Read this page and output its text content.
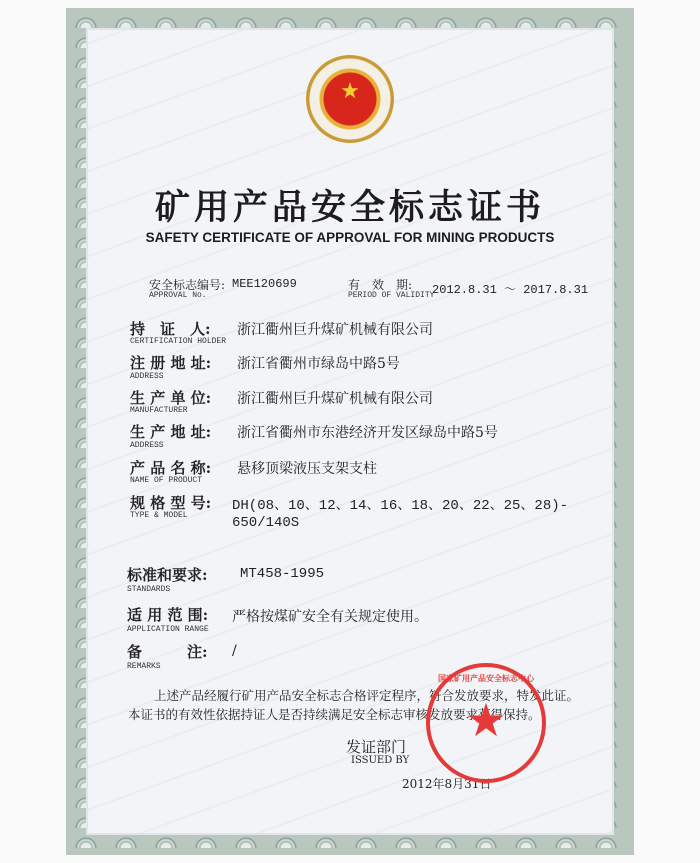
★
矿用产品安全标志证书
SAFETY CERTIFICATE OF APPROVAL FOR MINING PRODUCTS
安全标志编号:
APPROVAL No.
MEE120699	有　效　期:
PERIOD OF VALIDITY
2012.8.31 ～ 2017.8.31
持　证　人:
CERTIFICATION HOLDER
浙江衢州巨升煤矿机械有限公司
注 册 地 址:
ADDRESS
浙江省衢州市绿岛中路5号
生 产 单 位:
MANUFACTURER
浙江衢州巨升煤矿机械有限公司
生 产 地 址:
ADDRESS
浙江省衢州市东港经济开发区绿岛中路5号
产 品 名 称:
NAME OF PRODUCT
悬移顶梁液压支架支柱
规 格 型 号:
TYPE & MODEL
DH(08、10、12、14、16、18、20、22、25、28)-
650/140S
标准和要求:
STANDARDS
MT458-1995
适 用 范 围:
APPLICATION RANGE
严格按煤矿安全有关规定使用。
备　　　注:
REMARKS
/
上述产品经履行矿用产品安全标志合格评定程序，符合发放要求，特发此证。本证书的有效性依据持证人是否持续满足安全标志审核发放要求获得保持。
发证部门
ISSUED BY
2012年8月31日
国家矿用产品安全标志中心
★
